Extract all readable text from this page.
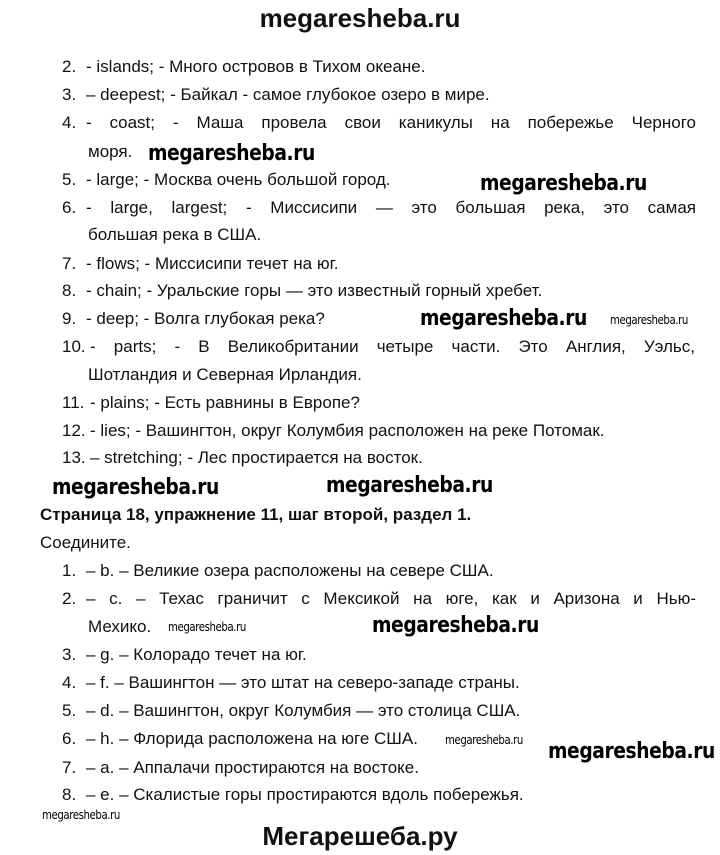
megaresheba.ru
2. - islands; - Много островов в Тихом океане.
3. – deepest; - Байкал - самое глубокое озеро в мире.
4. - coast; - Маша провела свои каникулы на побережье Черного
моря.
5. - large; - Москва очень большой город.
6. - large, largest; - Миссисипи — это большая река, это самая
большая река в США.
7. - flows; - Миссисипи течет на юг.
8. - chain; - Уральские горы — это известный горный хребет.
9. - deep; - Волга глубокая река?
10. - parts; - В Великобритании четыре части. Это Англия, Уэльс,
Шотландия и Северная Ирландия.
11. - plains; - Есть равнины в Европе?
12. - lies; - Вашингтон, округ Колумбия расположен на реке Потомак.
13. – stretching; - Лес простирается на восток.
Страница 18, упражнение 11, шаг второй, раздел 1.
Соедините.
1. – b. – Великие озера расположены на севере США.
2. – c. – Техас граничит с Мексикой на юге, как и Аризона и Нью-
Мехико.
3. – g. – Колорадо течет на юг.
4. – f. – Вашингтон — это штат на северо-западе страны.
5. – d. – Вашингтон, округ Колумбия — это столица США.
6. – h. – Флорида расположена на юге США.
7. – a. – Аппалачи простираются на востоке.
8. – e. – Скалистые горы простираются вдоль побережья.
megaresheba.ru
megaresheba.ru
megaresheba.ru megaresheba.ru
megaresheba.ru
megaresheba.ru
megaresheba.ru	megaresheba.ru
megaresheba.ru
megaresheba.ru
megaresheba.ru
Мегарешеба.ру
